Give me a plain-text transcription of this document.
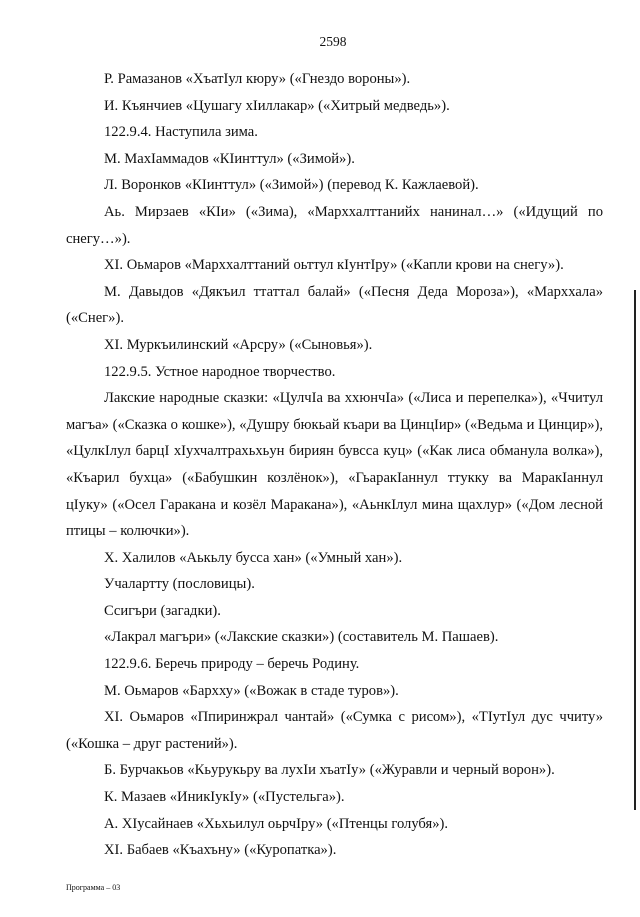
2598

Р. Рамазанов «ХъатІул кюру» («Гнездо вороны»).

И. Къянчиев «Цушагу хІиллакар» («Хитрый медведь»).

122.9.4. Наступила зима.

М. МахІаммадов «КІинттул» («Зимой»).

Л. Воронков «КІинттул» («Зимой») (перевод К. Кажлаевой).

Аь. Мирзаев «КІи» («Зима), «Марххалттанийх нанинал…» («Идущий по снегу…»).

ХІ. Оьмаров «Марххалттаний оьттул кІунтІру» («Капли крови на снегу»).

М. Давыдов «Дякъил ттаттал балай» («Песня Деда Мороза»), «Марххала» («Снег»).

ХІ. Муркъилинский «Арсру» («Сыновья»).

122.9.5. Устное народное творчество.

Лакские народные сказки: «ЦулчІа ва ххюнчІа» («Лиса и перепелка»), «Ччитул магъа» («Сказка о кошке»), «Душру бюкьай къари ва ЦинцІир» («Ведьма и Цинцир»), «ЦулкІлул барцІ хІухчалтрахьхьун бириян бувсса куц» («Как лиса обманула волка»), «Къарил бухца» («Бабушкин козлёнок»), «ГьаракІаннул ттукку ва МаракІаннул цІуку» («Осел Гаракана и козёл Маракана»), «АьнкІлул мина щахлур» («Дом лесной птицы – колючки»).

Х. Халилов «Аькьлу бусса хан» («Умный хан»).

Учалартту (пословицы).

Ссигъри (загадки).

«Лакрал магъри» («Лакские сказки») (составитель М. Пашаев).

122.9.6. Беречь природу – беречь Родину.

М. Оьмаров «Бархху» («Вожак в стаде туров»).

ХІ. Оьмаров «Ппиринжрал чантай» («Сумка с рисом»), «ТІутІул дус ччиту» («Кошка – друг растений»).

Б. Бурчакьов «Кьурукьру ва лухІи хъатІу» («Журавли и черный ворон»).

К. Мазаев «ИникІукІу» («Пустельга»).

А. ХІусайнаев «Хьхьилул оьрчІру» («Птенцы голубя»).

ХІ. Бабаев «Къахъну» («Куропатка»).

Программа – 03
